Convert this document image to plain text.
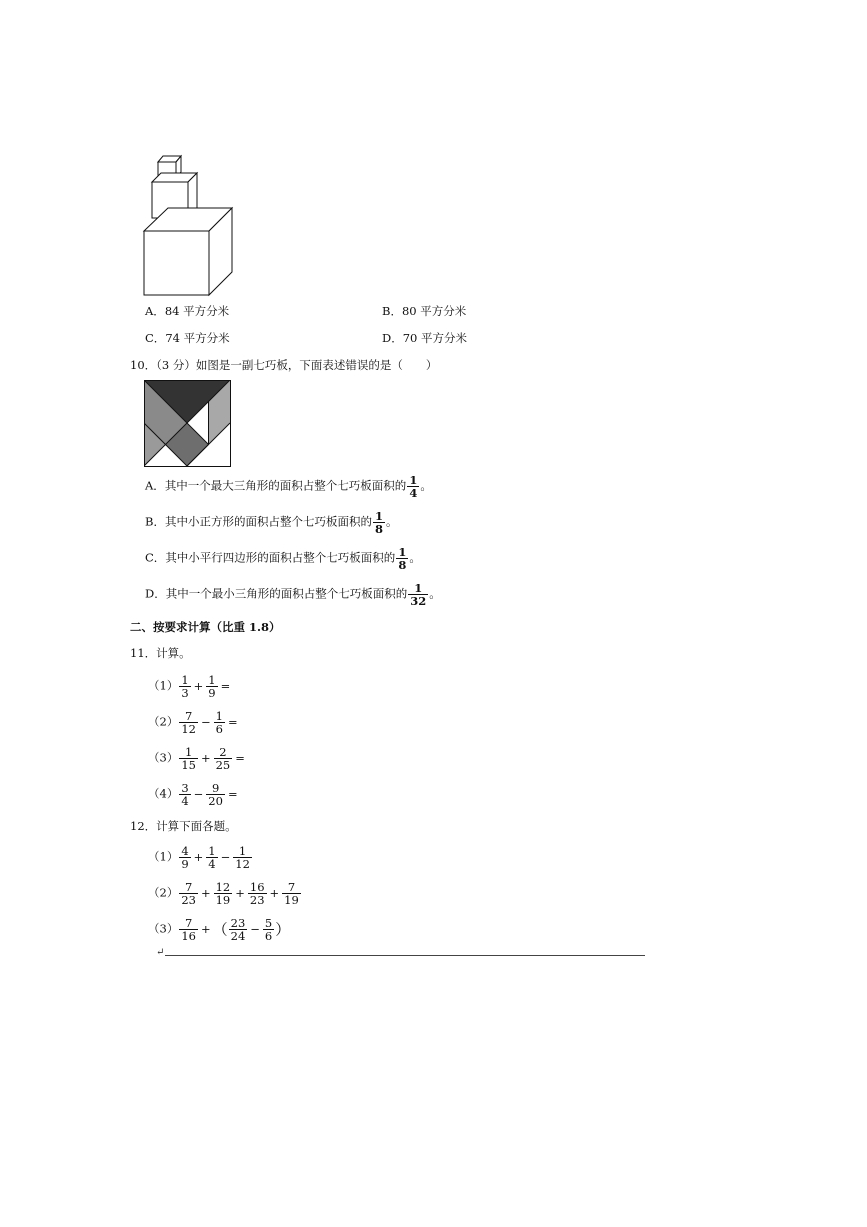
A．84 平方分米	B．80 平方分米
C．74 平方分米	D．70 平方分米
10．（3 分）如图是一副七巧板，下面表述错误的是（　　）
A．其中一个最大三角形的面积占整个七巧板面积的 $\frac{1}{4}$ 。
B．其中小正方形的面积占整个七巧板面积的 $\frac{1}{8}$ 。
C．其中小平行四边形的面积占整个七巧板面积的 $\frac{1}{8}$ 。
D．其中一个最小三角形的面积占整个七巧板面积的 $\frac{1}{32}$ 。
二、按要求计算（比重 1.8）
11．计算。
$(1) \frac{1}{3} + \frac{1}{9}$ =
$(2) \frac{7}{12} - \frac{1}{6}$ =
$(3) \frac{1}{15} + \frac{2}{25}$ =
$(4) \frac{3}{4} - \frac{9}{20}$ =
12．计算下面各题。
$(1) \frac{4}{9} + \frac{1}{4} - \frac{1}{12}$
$(2) \frac{7}{23} + \frac{12}{19} + \frac{16}{23} + \frac{7}{19}$
$(3) \frac{7}{16}$ + （ $\frac{23}{24} - \frac{5}{6}$ ）
↵
